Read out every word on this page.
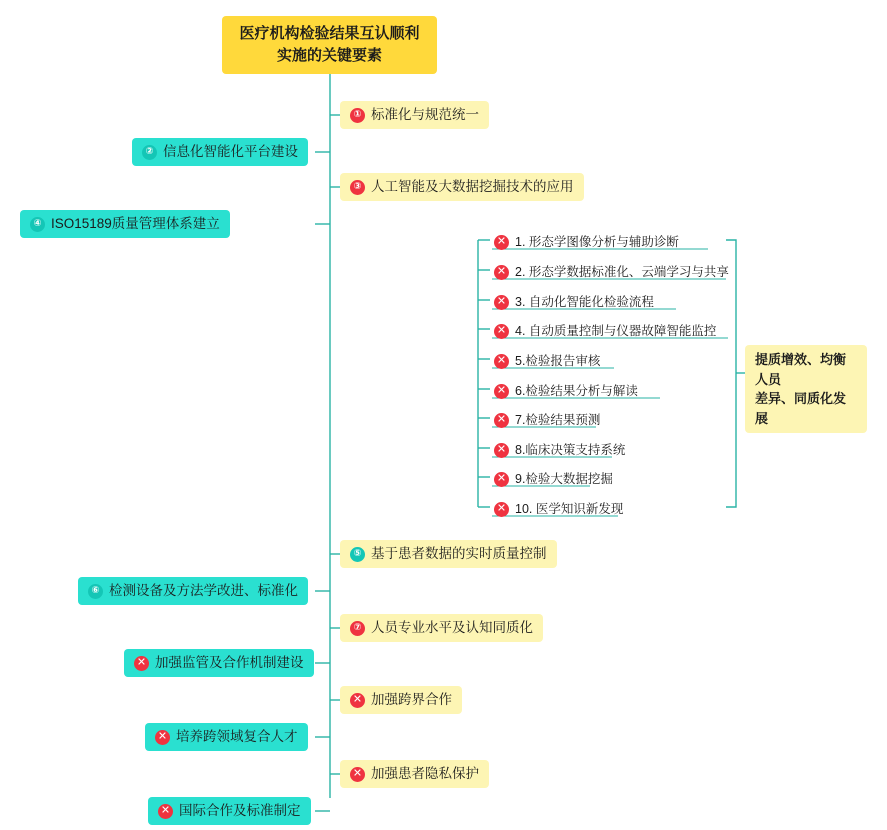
医疗机构检验结果互认顺利实施的关键要素
① 标准化与规范统一
② 信息化智能化平台建设
③ 人工智能及大数据挖掘技术的应用
④ ISO15189质量管理体系建立
✕ 1. 形态学图像分析与辅助诊断
✕ 2. 形态学数据标准化、云端学习与共享
✕ 3. 自动化智能化检验流程
✕ 4. 自动质量控制与仪器故障智能监控
✕ 5.检验报告审核
✕ 6.检验结果分析与解读
✕ 7.检验结果预测
✕ 8.临床决策支持系统
✕ 9.检验大数据挖掘
✕ 10. 医学知识新发现
提质增效、均衡人员
差异、同质化发展
⑤ 基于患者数据的实时质量控制
⑥ 检测设备及方法学改进、标准化
⑦ 人员专业水平及认知同质化
✕ 加强监管及合作机制建设
✕ 加强跨界合作
✕ 培养跨领域复合人才
✕ 加强患者隐私保护
✕ 国际合作及标准制定
